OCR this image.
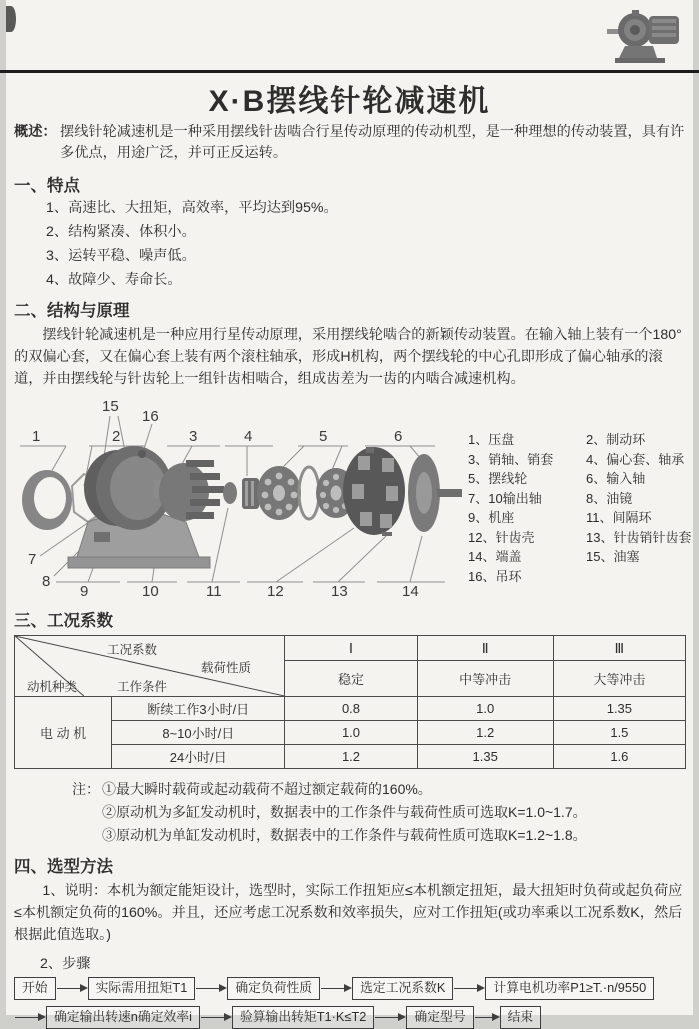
X·B摆线针轮减速机

概述： 摆线针轮减速机是一种采用摆线针齿啮合行星传动原理的传动机型，是一种理想的传动装置，具有许多优点，用途广泛，并可正反运转。

一、特点
1、高速比、大扭矩，高效率，平均达到95%。
2、结构紧凑、体积小。
3、运转平稳、噪声低。
4、故障少、寿命长。
二、结构与原理

摆线针轮减速机是一种应用行星传动原理，采用摆线轮啮合的新颖传动装置。在输入轴上装有一个180°的双偏心套，又在偏心套上装有两个滚柱轴承，形成H机构，两个摆线轮的中心孔即形成了偏心轴承的滚道，并由摆线轮与针齿轮上一组针齿相啮合，组成齿差为一齿的内啮合减速机构。

1	2	3	4	5	6
7
8
9	10	11	12	13	14
15
16
1、压盘
3、销轴、销套
5、摆线轮
7、10输出轴
9、机座
12、针齿壳
14、端盖
16、吊环
2、制动环
4、偏心套、轴承
6、输入轴
8、油镜
11、间隔环
13、针齿销针齿套
15、油塞
三、工况系数
工况系数
载荷性质
动机种类 工作条件		Ⅰ	Ⅱ	Ⅲ
		稳定	中等冲击	大等冲击
电 动 机	断续工作3小时/日	0.8	1.0	1.35
	8~10小时/日	1.0	1.2	1.5
	24小时/日	1.2	1.35	1.6
注： ①最大瞬时载荷或起动载荷不超过额定载荷的160%。
②原动机为多缸发动机时，数据表中的工作条件与载荷性质可选取K=1.0~1.7。
③原动机为单缸发动机时，数据表中的工作条件与载荷性质可选取K=1.2~1.8。
四、选型方法

1、说明：本机为额定能矩设计，选型时，实际工作扭矩应≤本机额定扭矩，最大扭矩时负荷或起负荷应≤本机额定负荷的160%。并且，还应考虑工况系数和效率损失，应对工作扭矩(或功率乘以工况系数K，然后根据此值选取。)

2、步骤
开始	实际需用扭矩T1	确定负荷性质	选定工况系数K	计算电机功率P1≥T.·n/9550
确定输出转速n确定效率i	验算输出转矩T1·K≤T2	确定型号	结束
